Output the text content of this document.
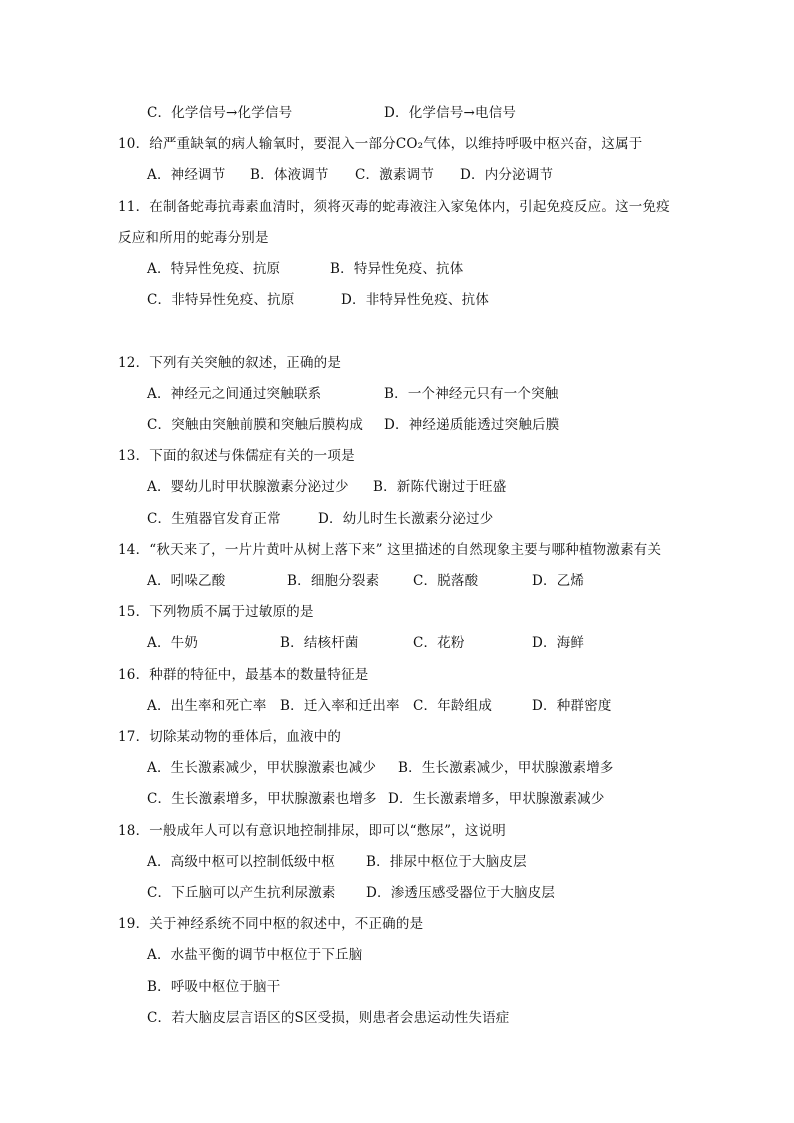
C．化学信号→化学信号	D．化学信号→电信号
10．给严重缺氧的病人输氧时，要混入一部分CO₂气体，以维持呼吸中枢兴奋，这属于
A．神经调节 B．体液调节 C．激素调节 D．内分泌调节
11．在制备蛇毒抗毒素血清时，须将灭毒的蛇毒液注入家兔体内，引起免疫反应。这一免疫
反应和所用的蛇毒分别是
A．特异性免疫、抗原	B．特异性免疫、抗体
C．非特异性免疫、抗原	D．非特异性免疫、抗体
12．下列有关突触的叙述，正确的是
A．神经元之间通过突触联系	B．一个神经元只有一个突触
C．突触由突触前膜和突触后膜构成 D．神经递质能透过突触后膜
13．下面的叙述与侏儒症有关的一项是
A．婴幼儿时甲状腺激素分泌过少 B．新陈代谢过于旺盛
C．生殖器官发育正常	D．幼儿时生长激素分泌过少
14．“秋天来了，一片片黄叶从树上落下来” 这里描述的自然现象主要与哪种植物激素有关
A．吲哚乙酸	B．细胞分裂素 C．脱落酸	D．乙烯
15．下列物质不属于过敏原的是
A．牛奶	B．结核杆菌	C．花粉	D．海鲜
16．种群的特征中，最基本的数量特征是
A．出生率和死亡率 B．迁入率和迁出率 C．年龄组成	D．种群密度
17．切除某动物的垂体后，血液中的
A．生长激素减少，甲状腺激素也减少 B．生长激素减少，甲状腺激素增多
C．生长激素增多，甲状腺激素也增多 D．生长激素增多，甲状腺激素减少
18．一般成年人可以有意识地控制排尿，即可以“憋尿”，这说明
A．高级中枢可以控制低级中枢 B．排尿中枢位于大脑皮层
C．下丘脑可以产生抗利尿激素 D．渗透压感受器位于大脑皮层
19．关于神经系统不同中枢的叙述中，不正确的是
A．水盐平衡的调节中枢位于下丘脑
B．呼吸中枢位于脑干
C．若大脑皮层言语区的S区受损，则患者会患运动性失语症
